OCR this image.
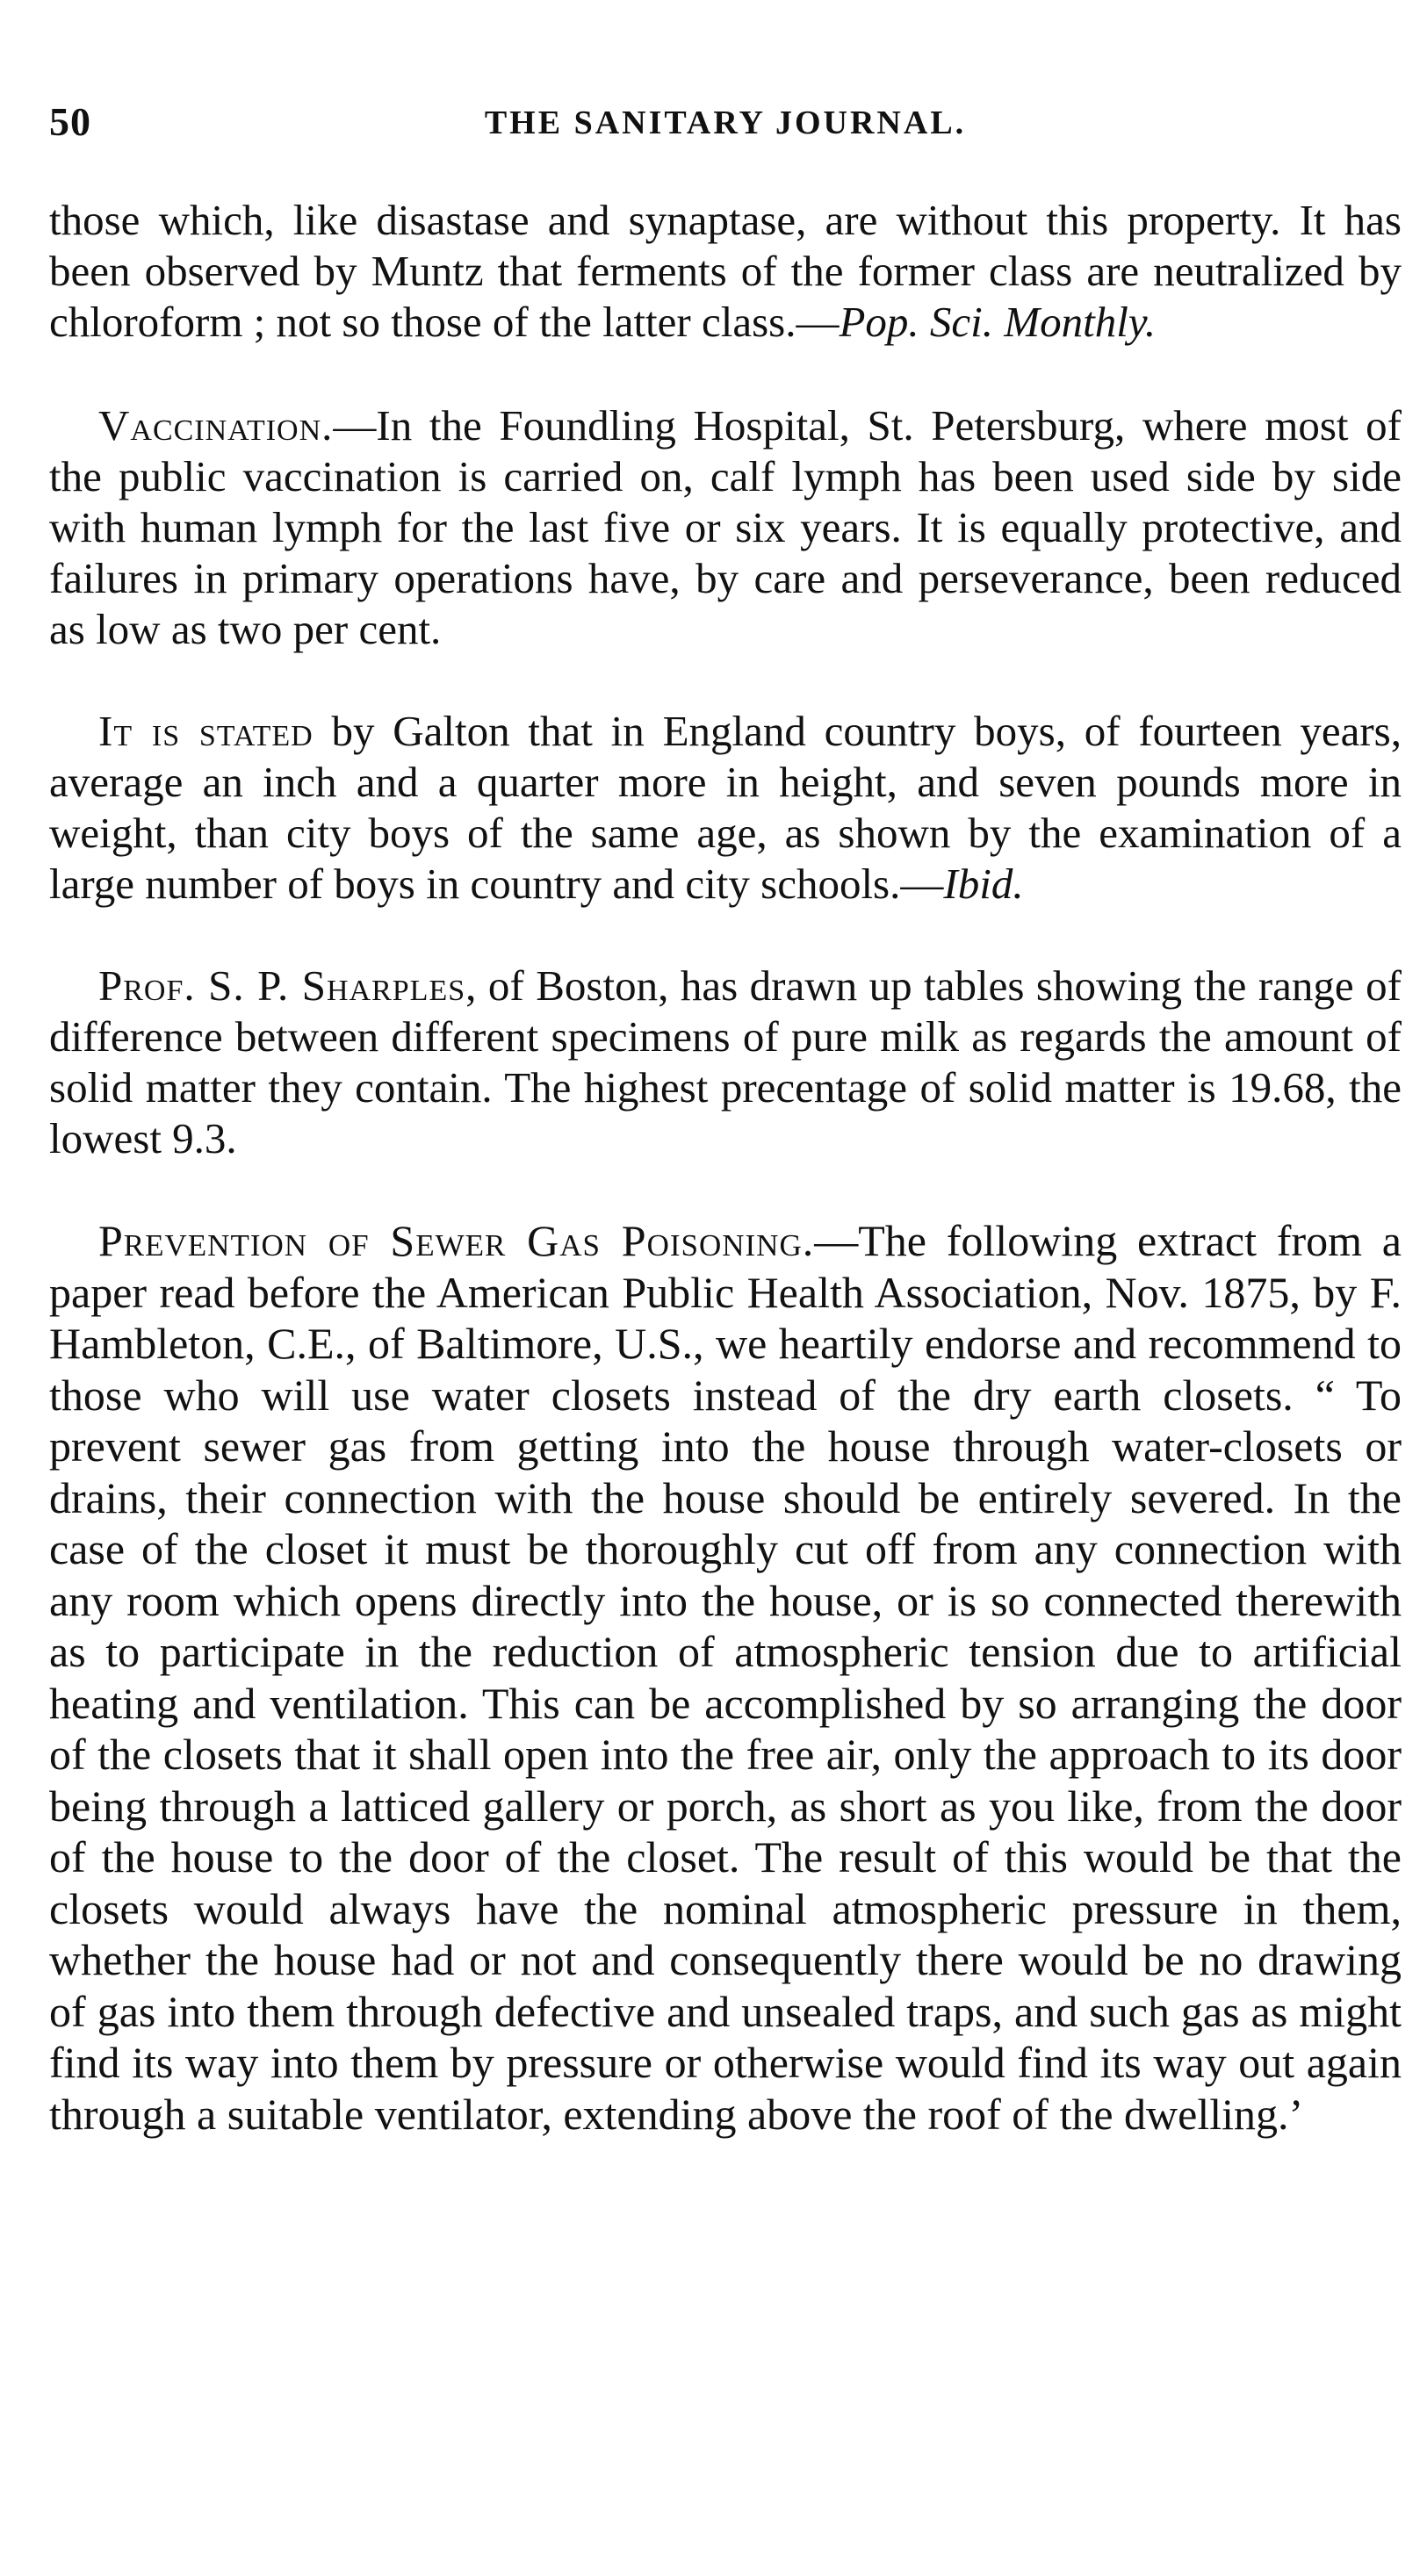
50	THE SANITARY JOURNAL.

those which, like disastase and synaptase, are without this property. It has been observed by Muntz that ferments of the former class are neutralized by chloroform ; not so those of the latter class.—Pop. Sci. Monthly.

Vaccination.—In the Foundling Hospital, St. Petersburg, where most of the public vaccination is carried on, calf lymph has been used side by side with human lymph for the last five or six years. It is equally protective, and failures in primary operations have, by care and perseverance, been reduced as low as two per cent.

It is stated by Galton that in England country boys, of fourteen years, average an inch and a quarter more in height, and seven pounds more in weight, than city boys of the same age, as shown by the examination of a large number of boys in country and city schools.—Ibid.

Prof. S. P. Sharples, of Boston, has drawn up tables showing the range of difference between different specimens of pure milk as regards the amount of solid matter they contain. The highest precentage of solid matter is 19.68, the lowest 9.3.

Prevention of Sewer Gas Poisoning.—The following extract from a paper read before the American Public Health Association, Nov. 1875, by F. Hambleton, C.E., of Baltimore, U.S., we heartily endorse and recommend to those who will use water closets instead of the dry earth closets. “ To prevent sewer gas from getting into the house through water-closets or drains, their connection with the house should be entirely severed. In the case of the closet it must be thoroughly cut off from any connection with any room which opens directly into the house, or is so connected therewith as to participate in the reduction of atmospheric tension due to artificial heating and ventilation. This can be accomplished by so arranging the door of the closets that it shall open into the free air, only the approach to its door being through a latticed gallery or porch, as short as you like, from the door of the house to the door of the closet. The result of this would be that the closets would always have the nominal atmospheric pressure in them, whether the house had or not and consequently there would be no drawing of gas into them through defective and unsealed traps, and such gas as might find its way into them by pressure or otherwise would find its way out again through a suitable ventilator, extending above the roof of the dwelling.’
